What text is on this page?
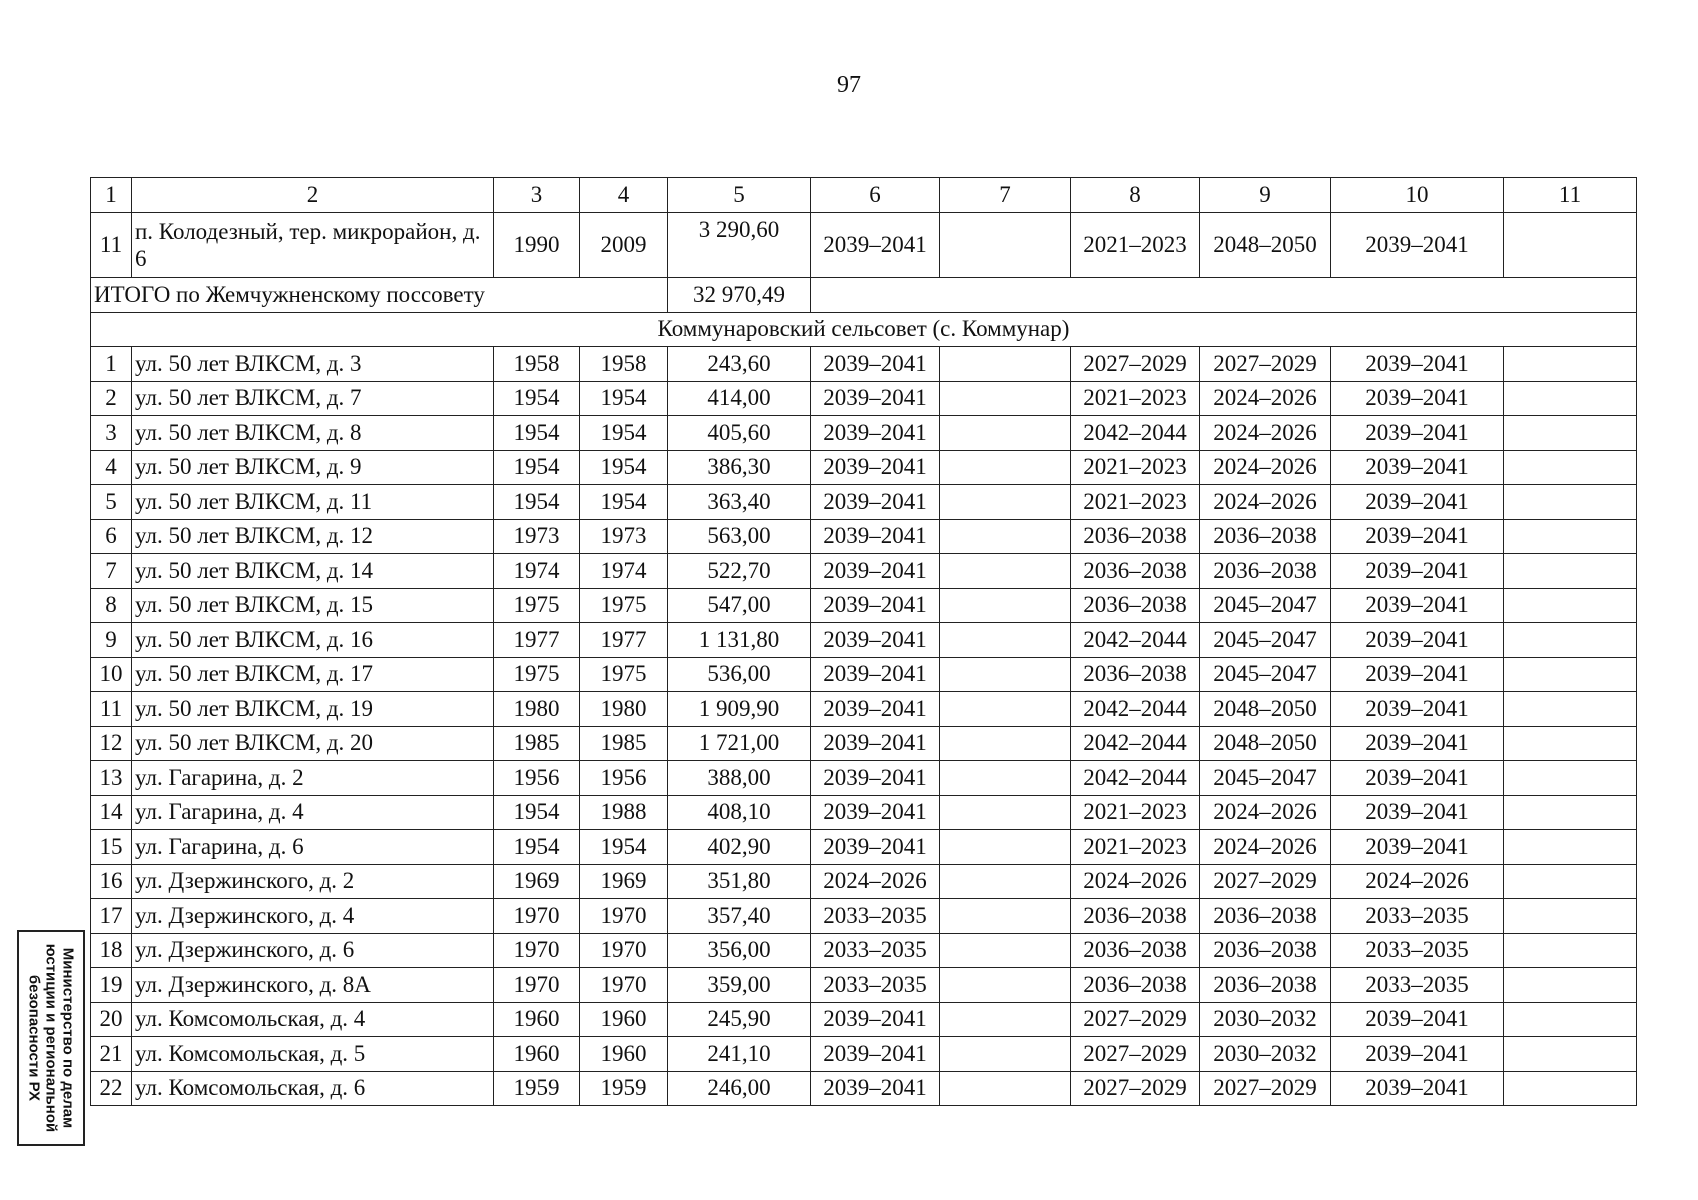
97
1	2	3	4	5	6	7	8	9	10	11
11	п. Колодезный, тер. микрорайон, д. 6	1990	2009	3 290,60	2039–2041		2021–2023	2048–2050	2039–2041	
ИТОГО по Жемчужненскому поссовету				32 970,49						
Коммунаровский сельсовет (с. Коммунар)										
1	ул. 50 лет ВЛКСМ, д. 3	1958	1958	243,60	2039–2041		2027–2029	2027–2029	2039–2041	
2	ул. 50 лет ВЛКСМ, д. 7	1954	1954	414,00	2039–2041		2021–2023	2024–2026	2039–2041	
3	ул. 50 лет ВЛКСМ, д. 8	1954	1954	405,60	2039–2041		2042–2044	2024–2026	2039–2041	
4	ул. 50 лет ВЛКСМ, д. 9	1954	1954	386,30	2039–2041		2021–2023	2024–2026	2039–2041	
5	ул. 50 лет ВЛКСМ, д. 11	1954	1954	363,40	2039–2041		2021–2023	2024–2026	2039–2041	
6	ул. 50 лет ВЛКСМ, д. 12	1973	1973	563,00	2039–2041		2036–2038	2036–2038	2039–2041	
7	ул. 50 лет ВЛКСМ, д. 14	1974	1974	522,70	2039–2041		2036–2038	2036–2038	2039–2041	
8	ул. 50 лет ВЛКСМ, д. 15	1975	1975	547,00	2039–2041		2036–2038	2045–2047	2039–2041	
9	ул. 50 лет ВЛКСМ, д. 16	1977	1977	1 131,80	2039–2041		2042–2044	2045–2047	2039–2041	
10	ул. 50 лет ВЛКСМ, д. 17	1975	1975	536,00	2039–2041		2036–2038	2045–2047	2039–2041	
11	ул. 50 лет ВЛКСМ, д. 19	1980	1980	1 909,90	2039–2041		2042–2044	2048–2050	2039–2041	
12	ул. 50 лет ВЛКСМ, д. 20	1985	1985	1 721,00	2039–2041		2042–2044	2048–2050	2039–2041	
13	ул. Гагарина, д. 2	1956	1956	388,00	2039–2041		2042–2044	2045–2047	2039–2041	
14	ул. Гагарина, д. 4	1954	1988	408,10	2039–2041		2021–2023	2024–2026	2039–2041	
15	ул. Гагарина, д. 6	1954	1954	402,90	2039–2041		2021–2023	2024–2026	2039–2041	
16	ул. Дзержинского, д. 2	1969	1969	351,80	2024–2026		2024–2026	2027–2029	2024–2026	
17	ул. Дзержинского, д. 4	1970	1970	357,40	2033–2035		2036–2038	2036–2038	2033–2035	
18	ул. Дзержинского, д. 6	1970	1970	356,00	2033–2035		2036–2038	2036–2038	2033–2035	
19	ул. Дзержинского, д. 8А	1970	1970	359,00	2033–2035		2036–2038	2036–2038	2033–2035	
20	ул. Комсомольская, д. 4	1960	1960	245,90	2039–2041		2027–2029	2030–2032	2039–2041	
21	ул. Комсомольская, д. 5	1960	1960	241,10	2039–2041		2027–2029	2030–2032	2039–2041	
22	ул. Комсомольская, д. 6	1959	1959	246,00	2039–2041		2027–2029	2027–2029	2039–2041	
Министерство по делам
юстиции и региональной
безопасности РХ
